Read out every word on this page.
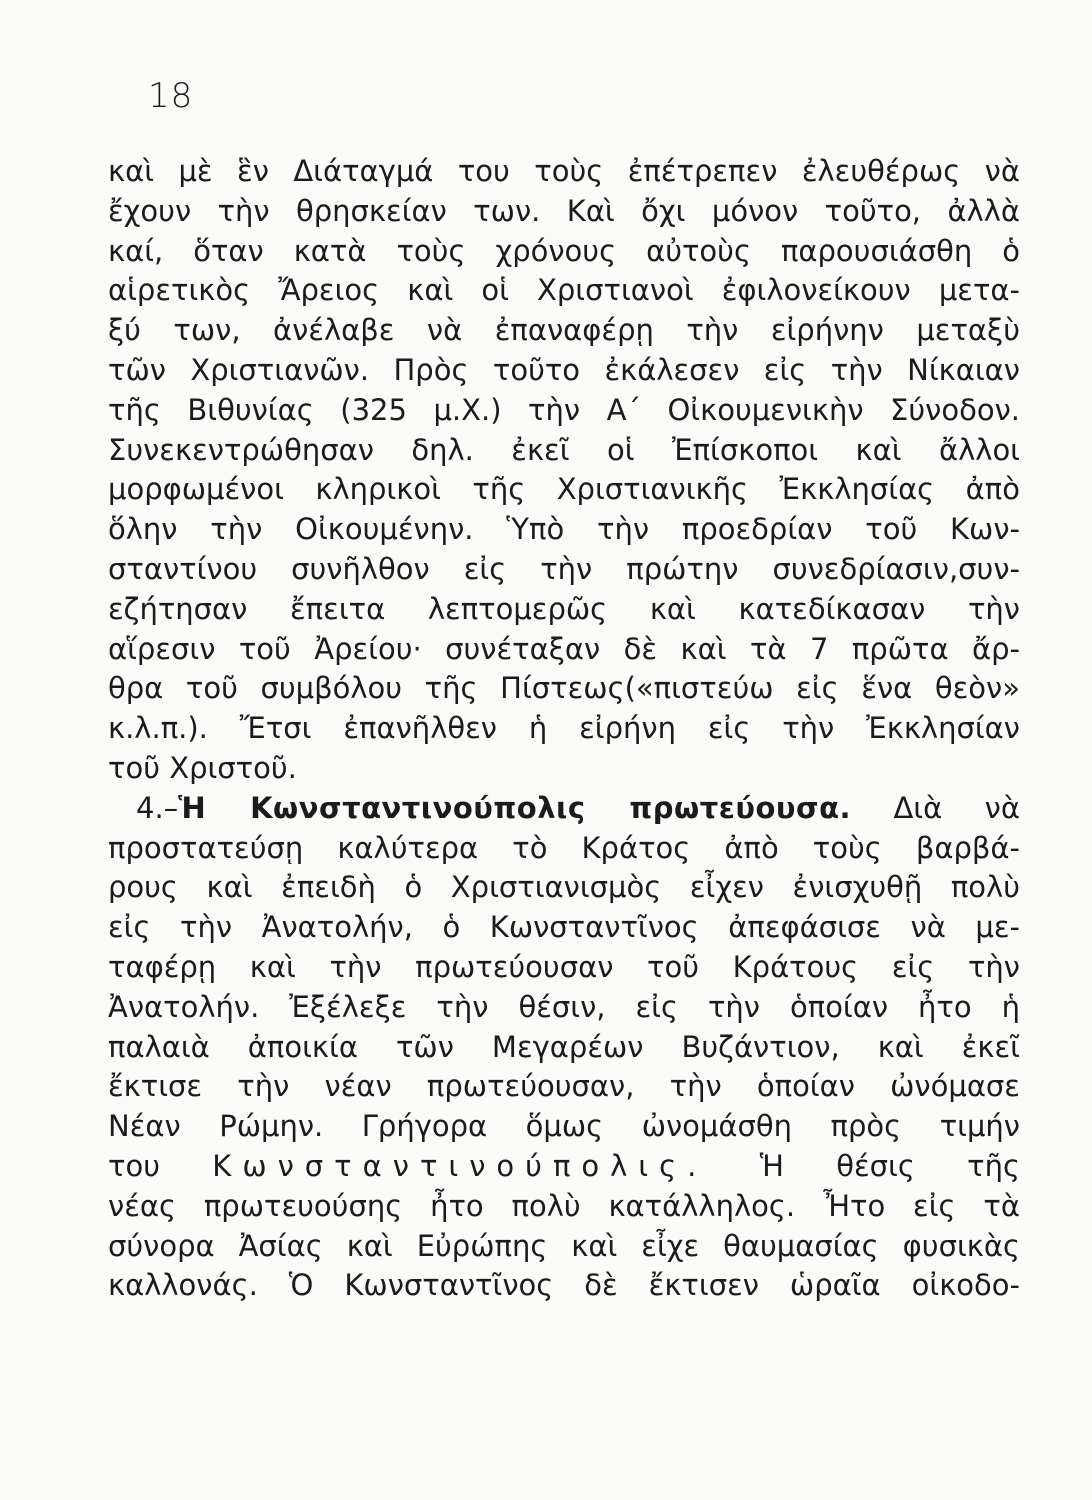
18
καὶ μὲ ἓν Διάταγμά του τοὺς ἐπέτρεπεν ἐλευθέρως νὰ
ἔχουν τὴν θρησκείαν των. Καὶ ὄχι μόνον τοῦτο, ἀλλὰ
καί, ὅταν κατὰ τοὺς χρόνους αὐτοὺς παρουσιάσθη ὁ
αἱρετικὸς Ἄρειος καὶ οἱ Χριστιανοὶ ἐφιλονείκουν μετα-
ξύ των, ἀνέλαβε νὰ ἐπαναφέρῃ τὴν εἰρήνην μεταξὺ
τῶν Χριστιανῶν. Πρὸς τοῦτο ἐκάλεσεν εἰς τὴν Νίκαιαν
τῆς Βιθυνίας (325 μ.Χ.) τὴν Α΄ Οἰκουμενικὴν Σύνοδον.
Συνεκεντρώθησαν δηλ. ἐκεῖ οἱ Ἐπίσκοποι καὶ ἄλλοι
μορφωμένοι κληρικοὶ τῆς Χριστιανικῆς Ἐκκλησίας ἀπὸ
ὅλην τὴν Οἰκουμένην. Ὑπὸ τὴν προεδρίαν τοῦ Κων-
σταντίνου συνῆλθον εἰς τὴν πρώτην συνεδρίασιν,συν-
εζήτησαν ἔπειτα λεπτομερῶς καὶ κατεδίκασαν τὴν
αἵρεσιν τοῦ Ἀρείου· συνέταξαν δὲ καὶ τὰ 7 πρῶτα ἄρ-
θρα τοῦ συμβόλου τῆς Πίστεως(«πιστεύω εἰς ἕνα θεὸν»
κ.λ.π.). Ἔτσι ἐπανῆλθεν ἡ εἰρήνη εἰς τὴν Ἐκκλησίαν
τοῦ Χριστοῦ.
4.–Ἡ Κωνσταντινούπολις πρωτεύουσα. Διὰ νὰ
προστατεύσῃ καλύτερα τὸ Κράτος ἀπὸ τοὺς βαρβά-
ρους καὶ ἐπειδὴ ὁ Χριστιανισμὸς εἶχεν ἐνισχυθῇ πολὺ
εἰς τὴν Ἀνατολήν, ὁ Κωνσταντῖνος ἀπεφάσισε νὰ με-
ταφέρῃ καὶ τὴν πρωτεύουσαν τοῦ Κράτους εἰς τὴν
Ἀνατολήν. Ἐξέλεξε τὴν θέσιν, εἰς τὴν ὁποίαν ἦτο ἡ
παλαιὰ ἀποικία τῶν Μεγαρέων Βυζάντιον, καὶ ἐκεῖ
ἔκτισε τὴν νέαν πρωτεύουσαν, τὴν ὁποίαν ὠνόμασε
Νέαν Ρώμην. Γρήγορα ὅμως ὠνομάσθη πρὸς τιμήν
του Κωνσταντινούπολις. Ἡ θέσις τῆς
νέας πρωτευούσης ἦτο πολὺ κατάλληλος. Ἦτο εἰς τὰ
σύνορα Ἀσίας καὶ Εὐρώπης καὶ εἶχε θαυμασίας φυσικὰς
καλλονάς. Ὁ Κωνσταντῖνος δὲ ἔκτισεν ὡραῖα οἰκοδο-
